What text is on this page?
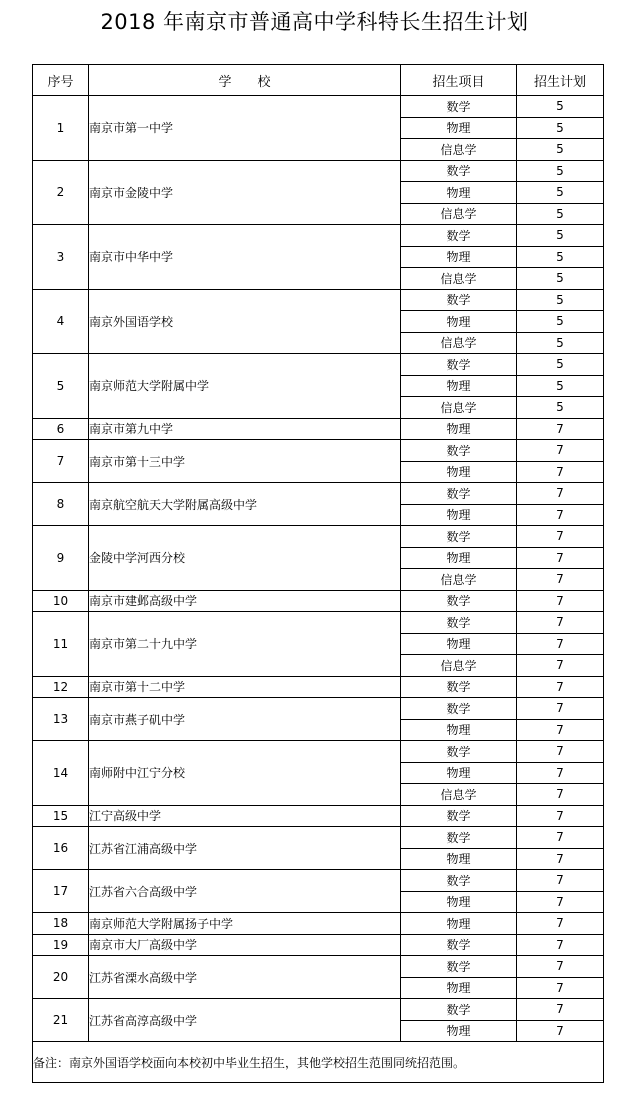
2018 年南京市普通高中学科特长生招生计划
序号	学　　校	招生项目	招生计划
1	南京市第一中学	数学	5
		物理	5
		信息学	5
2	南京市金陵中学	数学	5
		物理	5
		信息学	5
3	南京市中华中学	数学	5
		物理	5
		信息学	5
4	南京外国语学校	数学	5
		物理	5
		信息学	5
5	南京师范大学附属中学	数学	5
		物理	5
		信息学	5
6	南京市第九中学	物理	7
7	南京市第十三中学	数学	7
		物理	7
8	南京航空航天大学附属高级中学	数学	7
		物理	7
9	金陵中学河西分校	数学	7
		物理	7
		信息学	7
10	南京市建邺高级中学	数学	7
11	南京市第二十九中学	数学	7
		物理	7
		信息学	7
12	南京市第十二中学	数学	7
13	南京市燕子矶中学	数学	7
		物理	7
14	南师附中江宁分校	数学	7
		物理	7
		信息学	7
15	江宁高级中学	数学	7
16	江苏省江浦高级中学	数学	7
		物理	7
17	江苏省六合高级中学	数学	7
		物理	7
18	南京师范大学附属扬子中学	物理	7
19	南京市大厂高级中学	数学	7
20	江苏省溧水高级中学	数学	7
		物理	7
21	江苏省高淳高级中学	数学	7
		物理	7
备注：南京外国语学校面向本校初中毕业生招生，其他学校招生范围同统招范围。			
